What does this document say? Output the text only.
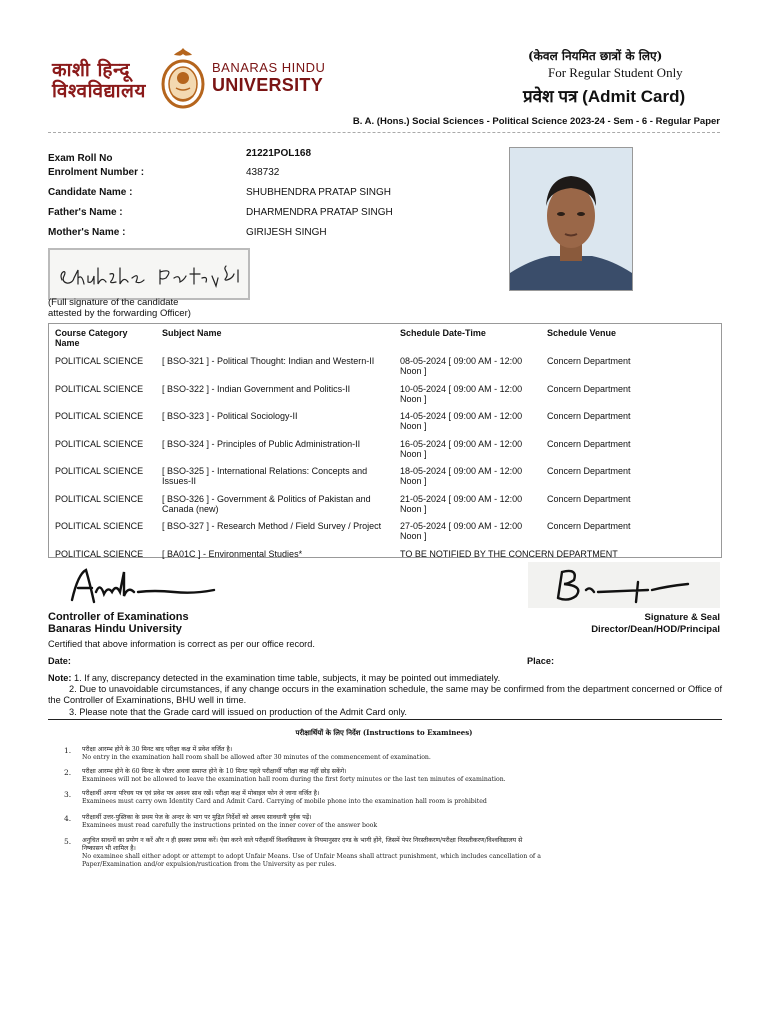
काशी हिन्दू
विश्वविद्यालय
BANARAS HINDU
UNIVERSITY
(केवल नियमित छात्रों के लिए)
For Regular Student Only
प्रवेश पत्र (Admit Card)
B. A. (Hons.) Social Sciences - Political Science 2023-24 - Sem - 6 - Regular Paper
Exam Roll No	21221POL168
Enrolment Number :	438732
Candidate Name :	SHUBHENDRA PRATAP SINGH
Father's Name :	DHARMENDRA PRATAP SINGH
Mother's Name :	GIRIJESH SINGH
(Full signature of the candidate
attested by the forwarding Officer)
Course Category Name	Subject Name	Schedule Date-Time	Schedule Venue
POLITICAL SCIENCE	[ BSO-321 ] - Political Thought: Indian and Western-II	08-05-2024 [ 09:00 AM - 12:00 Noon ]	Concern Department
POLITICAL SCIENCE	[ BSO-322 ] - Indian Government and Politics-II	10-05-2024 [ 09:00 AM - 12:00 Noon ]	Concern Department
POLITICAL SCIENCE	[ BSO-323 ] - Political Sociology-II	14-05-2024 [ 09:00 AM - 12:00 Noon ]	Concern Department
POLITICAL SCIENCE	[ BSO-324 ] - Principles of Public Administration-II	16-05-2024 [ 09:00 AM - 12:00 Noon ]	Concern Department
POLITICAL SCIENCE	[ BSO-325 ] - International Relations: Concepts and Issues-II	18-05-2024 [ 09:00 AM - 12:00 Noon ]	Concern Department
POLITICAL SCIENCE	[ BSO-326 ] - Government & Politics of Pakistan and Canada (new)	21-05-2024 [ 09:00 AM - 12:00 Noon ]	Concern Department
POLITICAL SCIENCE	[ BSO-327 ] - Research Method / Field Survey / Project	27-05-2024 [ 09:00 AM - 12:00 Noon ]	Concern Department
POLITICAL SCIENCE	[ BA01C ] - Environmental Studies*	TO BE NOTIFIED BY THE CONCERN DEPARTMENT	
Controller of Examinations
Banaras Hindu University
Signature & Seal
Director/Dean/HOD/Principal
Certified that above information is correct as per our office record.
Date:	Place:
Note: 1. If any, discrepancy detected in the examination time table, subjects, it may be pointed out immediately.
2. Due to unavoidable circumstances, if any change occurs in the examination schedule, the same may be confirmed from the department concerned or Office of the Controller of Examinations, BHU well in time.
3. Please note that the Grade card will issued on production of the Admit Card only.
परीक्षार्थियों के लिए निर्देश (Instructions to Examinees)
1. परीक्षा आरम्भ होने के 30 मिनट बाद परीक्षा कक्ष में प्रवेश वर्जित है।
No entry in the examination hall room shall be allowed after 30 minutes of the commencement of examination.
2. परीक्षा आरम्भ होने के 60 मिनट के भीतर अथवा समाप्त होने के 10 मिनट पहले परीक्षार्थी परीक्षा कक्ष नहीं छोड़ सकेंगे।
Examinees will not be allowed to leave the examination hall room during the first forty minutes or the last ten minutes of examination.
3. परीक्षार्थी अपना परिचय पत्र एवं प्रवेश पत्र अवश्य साथ रखें। परीक्षा कक्ष में मोबाइल फोन ले जाना वर्जित है।
Examinees must carry own Identity Card and Admit Card. Carrying of mobile phone into the examination hall room is prohibited
4. परीक्षार्थी उत्तर-पुस्तिका के प्रथम पेज के अन्दर के भाग पर मुद्रित निर्देशों को अवश्य सावधानी पूर्वक पढ़ें।
Examinees must read carefully the instructions printed on the inner cover of the answer book
5. अनुचित साधनों का प्रयोग न करें और न ही इसका प्रयास करें। ऐसा करने वाले परीक्षार्थी विश्वविद्यालय के नियमानुसार दण्ड के भागी होंगे, जिसमें पेपर निरस्तीकरण/परीक्षा निरस्तीकरण/विश्वविद्यालय से निष्कासन भी शामिल है।
No examinee shall either adopt or attempt to adopt Unfair Means. Use of Unfair Means shall attract punishment, which includes cancellation of a Paper/Examination and/or expulsion/rustication from the University as per rules.
